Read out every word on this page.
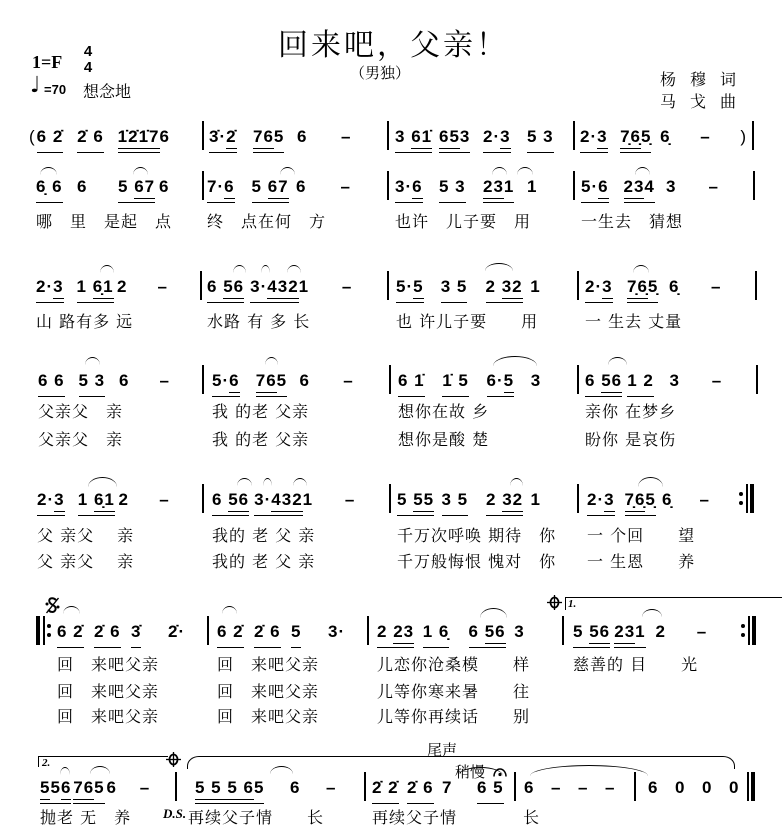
回来吧，父亲！
（男独）
1=F
4
4
♩ =70 想念地
杨　穆　词
马　戈　曲
( 6 2̇ 2̇ 6 1̇2̇1̇7 6	3̇·2̇ 765 6	–	3 61̇ 653 2·3 5 3	2·3 7̣6̣5̣ 6̣	–	)
6̣ 6 6	5 67 6	7·6 5 67 6	–	3·6 5 3	231 1	5·6 234 3	–
哪　里　是起　点 终　点在何　方	也许　儿子要　用	一生去　猜想
2·3 1 6̣1 2	–	6 56 3·432 1	–	5·5	3 5	2 32 1	2·3 7̣6̣5̣ 6̣	–
山 路有多 远	水路 有 多 长	也 许儿子要　　用	一 生去 丈量
6 6 5 3 6	–	5·6 765 6	–	6 1̇	1̇ 5	6·5 3	6 56 1 2 3	–
父亲父　亲
父亲父　亲
我 的老 父亲
我 的老 父亲
想你在故 乡
想你是酸 楚
亲你 在梦乡
盼你 是哀伤
2·3 1 6̣1 2	–	6 56 3·432 1	–	5 55 3 5	2 32 1	2·3 7̣6̣5̣ 6̣	–
父 亲父　 亲
父 亲父　 亲
我的 老 父 亲
我的 老 父 亲
千万次呼唤 期待　你
千万般悔恨 愧对　你
一 个回　　望
一 生恩　　养
1.
6 2̇ 2̇ 6 3̇	2̇·	6 2̇ 2̇ 6 5	3·	2 23 1 6̣	6 56 3	5 56 231 2	–
回　来吧父亲
回　来吧父亲
回　来吧父亲
回　来吧父亲
回　来吧父亲
回　来吧父亲
儿恋你沧桑模　　样
儿等你寒来暑　　往
儿等你再续话　　别
慈善的 目　　光
2.
尾声
稍慢
556 765 6	–	5 5 5 6 5	6	–	2̇ 2̇ 2̇ 6 7	6 5	6 – – –	6 0 0 0
抛老 无　养 D.S. 再续父子情　　长	再续父子情	长
